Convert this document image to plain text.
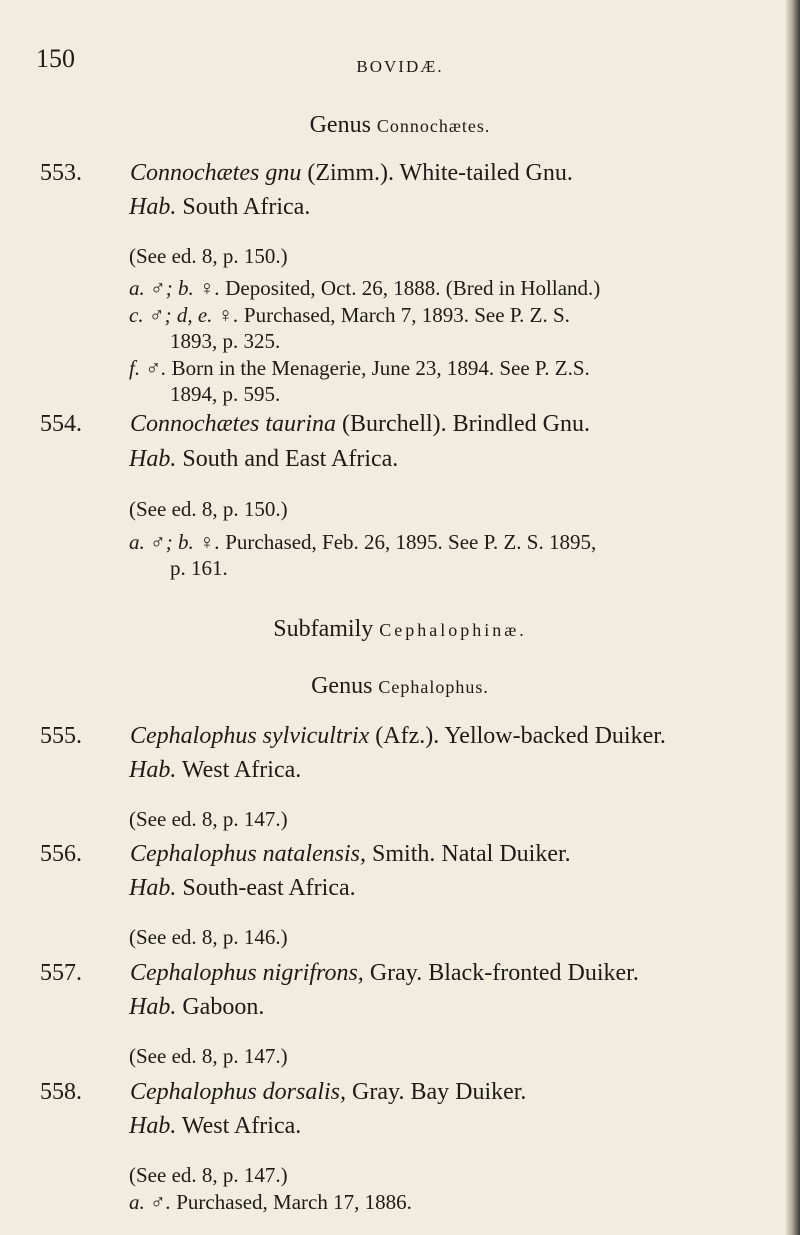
150	BOVIDÆ.
Genus Connochætes.
553. Connochætes gnu (Zimm.). White-tailed Gnu.
Hab. South Africa.
(See ed. 8, p. 150.)
a. ♂; b. ♀. Deposited, Oct. 26, 1888. (Bred in Holland.)
c. ♂; d, e. ♀. Purchased, March 7, 1893. See P. Z. S.
1893, p. 325.
f. ♂. Born in the Menagerie, June 23, 1894. See P. Z.S.
1894, p. 595.
554. Connochætes taurina (Burchell). Brindled Gnu.
Hab. South and East Africa.
(See ed. 8, p. 150.)
a. ♂; b. ♀. Purchased, Feb. 26, 1895. See P. Z. S. 1895,
p. 161.
Subfamily Cephalophinæ.
Genus Cephalophus.
555. Cephalophus sylvicultrix (Afz.). Yellow-backed Duiker.
Hab. West Africa.
(See ed. 8, p. 147.)
556. Cephalophus natalensis, Smith. Natal Duiker.
Hab. South-east Africa.
(See ed. 8, p. 146.)
557. Cephalophus nigrifrons, Gray. Black-fronted Duiker.
Hab. Gaboon.
(See ed. 8, p. 147.)
558. Cephalophus dorsalis, Gray. Bay Duiker.
Hab. West Africa.
(See ed. 8, p. 147.)
a. ♂. Purchased, March 17, 1886.
